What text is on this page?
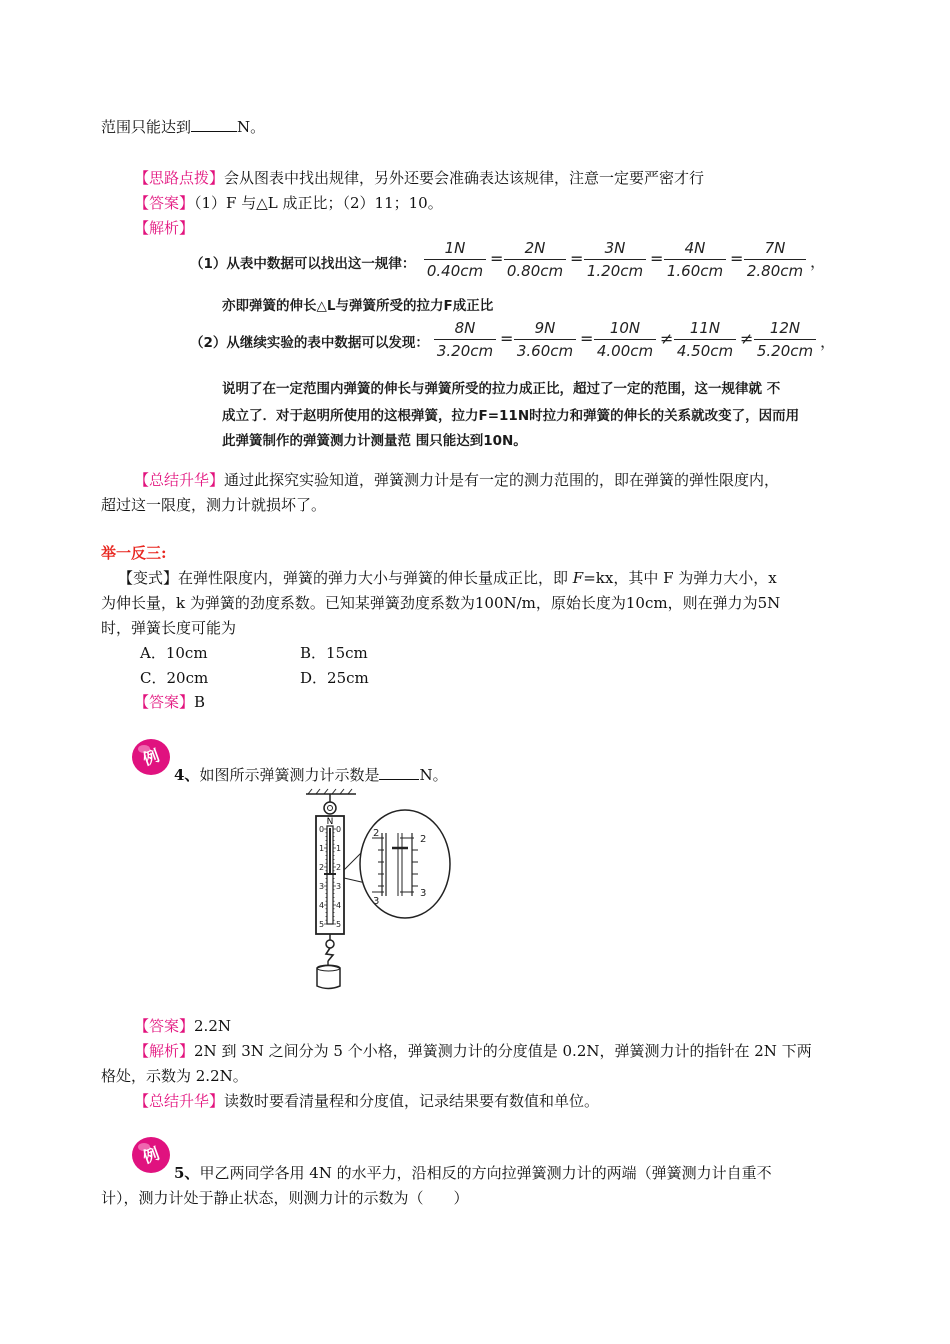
范围只能达到	N。
【思路点拨】会从图表中找出规律，另外还要会准确表达该规律，注意一定要严密才行
【答案】（1）F 与△L 成正比；（2）11；10。
【解析】
（1）从表中数据可以找出这一规律：
1N
0.40cm
=
2N
0.80cm
=
3N
1.20cm
=
4N
1.60cm
=
7N
2.80cm ，
亦即弹簧的伸长△L与弹簧所受的拉力F成正比
（2）从继续实验的表中数据可以发现：
8N
3.20cm
=
9N
3.60cm
=
10N
4.00cm
≠
11N
4.50cm
≠
12N
5.20cm ，
说明了在一定范围内弹簧的伸长与弹簧所受的拉力成正比，超过了一定的范围，这一规律就 不
成立了．对于赵明所使用的这根弹簧，拉力F=11N时拉力和弹簧的伸长的关系就改变了，因而用
此弹簧制作的弹簧测力计测量范 围只能达到10N。
【总结升华】通过此探究实验知道，弹簧测力计是有一定的测力范围的，即在弹簧的弹性限度内，
超过这一限度，测力计就损坏了。
举一反三:
【变式】在弹性限度内，弹簧的弹力大小与弹簧的伸长量成正比，即 F=kx，其中 F 为弹力大小，x
为伸长量，k 为弹簧的劲度系数。已知某弹簧劲度系数为100N/m，原始长度为10cm，则在弹力为5N
时，弹簧长度可能为
A．10cm	B．15cm
C．20cm	D．25cm
【答案】B
例
4、如图所示弹簧测力计示数是	N。
N
0
1
2
3
4
5
0
1
2
3
4
5
2
2
3
3
【答案】2.2N
【解析】2N 到 3N 之间分为 5 个小格，弹簧测力计的分度值是 0.2N，弹簧测力计的指针在 2N 下两
格处，示数为 2.2N。
【总结升华】读数时要看清量程和分度值，记录结果要有数值和单位。
例
5、甲乙两同学各用 4N 的水平力，沿相反的方向拉弹簧测力计的两端（弹簧测力计自重不
计），测力计处于静止状态，则测力计的示数为（　　）
